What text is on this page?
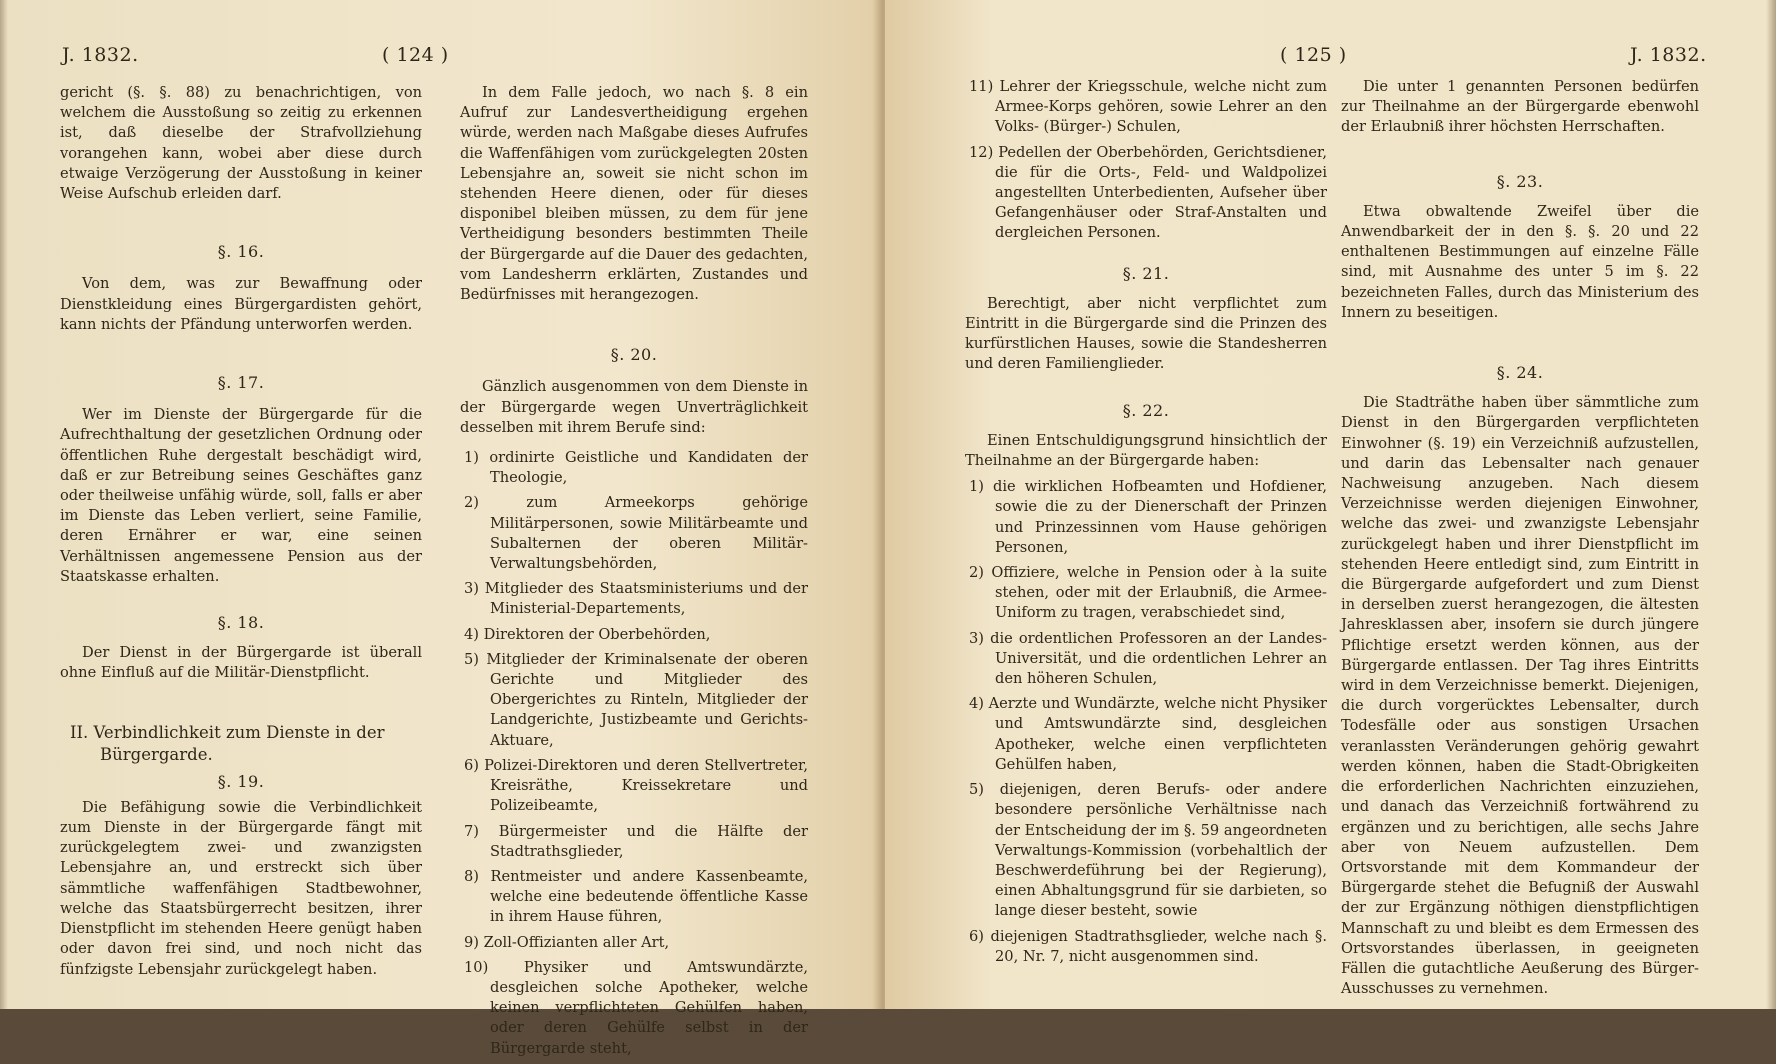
J. 1832.	( 124 )

gericht (§. §. 88) zu benachrichtigen, von welchem die Ausstoßung so zeitig zu erkennen ist, daß dieselbe der Strafvollziehung vorangehen kann, wobei aber diese durch etwaige Verzögerung der Ausstoßung in keiner Weise Aufschub erleiden darf.

§. 16.

Von dem, was zur Bewaffnung oder Dienstkleidung eines Bürgergardisten gehört, kann nichts der Pfändung unterworfen werden.

§. 17.

Wer im Dienste der Bürgergarde für die Aufrechthaltung der gesetzlichen Ordnung oder öffentlichen Ruhe dergestalt beschädigt wird, daß er zur Betreibung seines Geschäftes ganz oder theilweise unfähig würde, soll, falls er aber im Dienste das Leben verliert, seine Familie, deren Ernährer er war, eine seinen Verhältnissen angemessene Pension aus der Staatskasse erhalten.

§. 18.

Der Dienst in der Bürgergarde ist überall ohne Einfluß auf die Militär-Dienstpflicht.

II. Verbindlichkeit zum Dienste in der Bürgergarde.
§. 19.

Die Befähigung sowie die Verbindlichkeit zum Dienste in der Bürgergarde fängt mit zurückgelegtem zwei- und zwanzigsten Lebensjahre an, und erstreckt sich über sämmtliche waffenfähigen Stadtbewohner, welche das Staatsbürgerrecht besitzen, ihrer Dienstpflicht im stehenden Heere genügt haben oder davon frei sind, und noch nicht das fünfzigste Lebensjahr zurückgelegt haben.

In dem Falle jedoch, wo nach §. 8 ein Aufruf zur Landesvertheidigung ergehen würde, werden nach Maßgabe dieses Aufrufes die Waffenfähigen vom zurückgelegten 20sten Lebensjahre an, soweit sie nicht schon im stehenden Heere dienen, oder für dieses disponibel bleiben müssen, zu dem für jene Vertheidigung besonders bestimmten Theile der Bürgergarde auf die Dauer des gedachten, vom Landesherrn erklärten, Zustandes und Bedürfnisses mit herangezogen.

§. 20.

Gänzlich ausgenommen von dem Dienste in der Bürgergarde wegen Unverträglichkeit desselben mit ihrem Berufe sind:

1) ordinirte Geistliche und Kandidaten der Theologie,
2) zum Armeekorps gehörige Militärpersonen, sowie Militärbeamte und Subalternen der oberen Militär-Verwaltungsbehörden,
3) Mitglieder des Staatsministeriums und der Ministerial-Departements,
4) Direktoren der Oberbehörden,
5) Mitglieder der Kriminalsenate der oberen Gerichte und Mitglieder des Obergerichtes zu Rinteln, Mitglieder der Landgerichte, Justizbeamte und Gerichts-Aktuare,
6) Polizei-Direktoren und deren Stellvertreter, Kreisräthe, Kreissekretare und Polizeibeamte,
7) Bürgermeister und die Hälfte der Stadtrathsglieder,
8) Rentmeister und andere Kassenbeamte, welche eine bedeutende öffentliche Kasse in ihrem Hause führen,
9) Zoll-Offizianten aller Art,
10) Physiker und Amtswundärzte, desgleichen solche Apotheker, welche keinen verpflichteten Gehülfen haben, oder deren Gehülfe selbst in der Bürgergarde steht,
( 125 )	J. 1832.
11) Lehrer der Kriegsschule, welche nicht zum Armee-Korps gehören, sowie Lehrer an den Volks- (Bürger-) Schulen,
12) Pedellen der Oberbehörden, Gerichtsdiener, die für die Orts-, Feld- und Waldpolizei angestellten Unterbedienten, Aufseher über Gefangenhäuser oder Straf-Anstalten und dergleichen Personen.
§. 21.

Berechtigt, aber nicht verpflichtet zum Eintritt in die Bürgergarde sind die Prinzen des kurfürstlichen Hauses, sowie die Standesherren und deren Familienglieder.

§. 22.

Einen Entschuldigungsgrund hinsichtlich der Theilnahme an der Bürgergarde haben:

1) die wirklichen Hofbeamten und Hofdiener, sowie die zu der Dienerschaft der Prinzen und Prinzessinnen vom Hause gehörigen Personen,
2) Offiziere, welche in Pension oder à la suite stehen, oder mit der Erlaubniß, die Armee-Uniform zu tragen, verabschiedet sind,
3) die ordentlichen Professoren an der Landes-Universität, und die ordentlichen Lehrer an den höheren Schulen,
4) Aerzte und Wundärzte, welche nicht Physiker und Amtswundärzte sind, desgleichen Apotheker, welche einen verpflichteten Gehülfen haben,
5) diejenigen, deren Berufs- oder andere besondere persönliche Verhältnisse nach der Entscheidung der im §. 59 angeordneten Verwaltungs-Kommission (vorbehaltlich der Beschwerdeführung bei der Regierung), einen Abhaltungsgrund für sie darbieten, so lange dieser besteht, sowie
6) diejenigen Stadtrathsglieder, welche nach §. 20, Nr. 7, nicht ausgenommen sind.

Die unter 1 genannten Personen bedürfen zur Theilnahme an der Bürgergarde ebenwohl der Erlaubniß ihrer höchsten Herrschaften.

§. 23.

Etwa obwaltende Zweifel über die Anwendbarkeit der in den §. §. 20 und 22 enthaltenen Bestimmungen auf einzelne Fälle sind, mit Ausnahme des unter 5 im §. 22 bezeichneten Falles, durch das Ministerium des Innern zu beseitigen.

§. 24.

Die Stadträthe haben über sämmtliche zum Dienst in den Bürgergarden verpflichteten Einwohner (§. 19) ein Verzeichniß aufzustellen, und darin das Lebensalter nach genauer Nachweisung anzugeben. Nach diesem Verzeichnisse werden diejenigen Einwohner, welche das zwei- und zwanzigste Lebensjahr zurückgelegt haben und ihrer Dienstpflicht im stehenden Heere entledigt sind, zum Eintritt in die Bürgergarde aufgefordert und zum Dienst in derselben zuerst herangezogen, die ältesten Jahresklassen aber, insofern sie durch jüngere Pflichtige ersetzt werden können, aus der Bürgergarde entlassen. Der Tag ihres Eintritts wird in dem Verzeichnisse bemerkt. Diejenigen, die durch vorgerücktes Lebensalter, durch Todesfälle oder aus sonstigen Ursachen veranlassten Veränderungen gehörig gewahrt werden können, haben die Stadt-Obrigkeiten die erforderlichen Nachrichten einzuziehen, und danach das Verzeichniß fortwährend zu ergänzen und zu berichtigen, alle sechs Jahre aber von Neuem aufzustellen. Dem Ortsvorstande mit dem Kommandeur der Bürgergarde stehet die Befugniß der Auswahl der zur Ergänzung nöthigen dienstpflichtigen Mannschaft zu und bleibt es dem Ermessen des Ortsvorstandes überlassen, in geeigneten Fällen die gutachtliche Aeußerung des Bürger-Ausschusses zu vernehmen.
